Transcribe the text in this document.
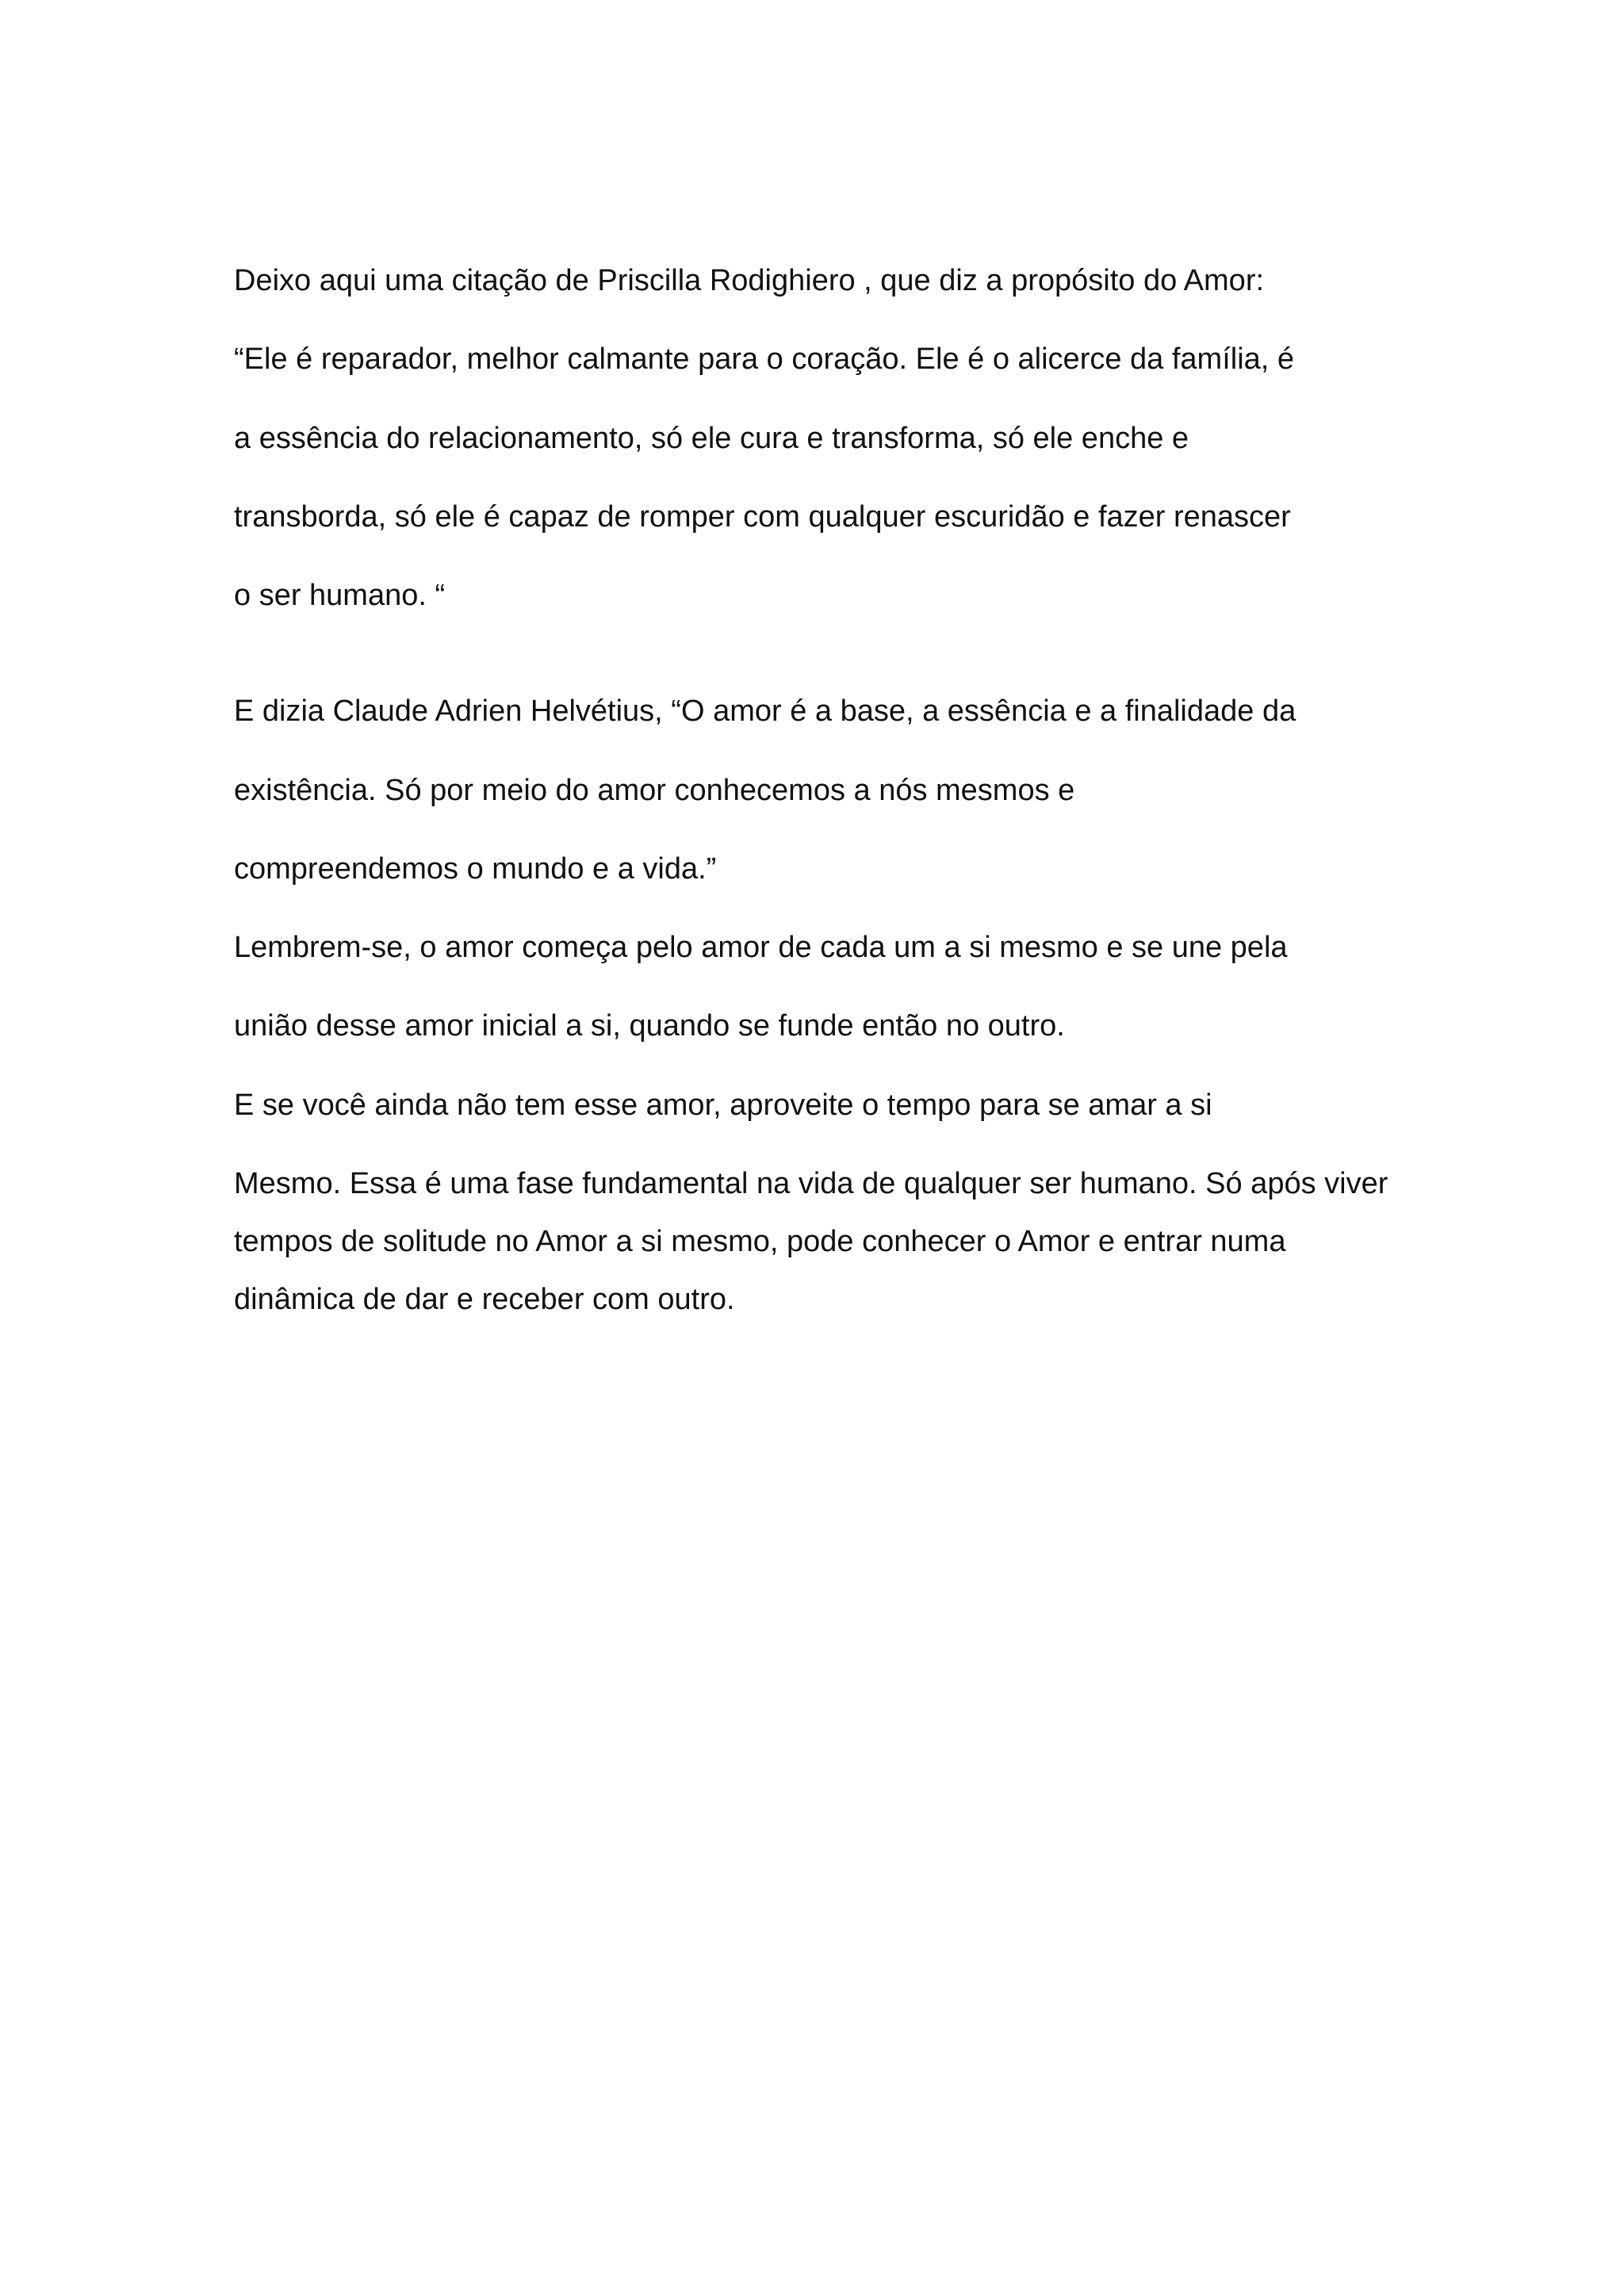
Deixo aqui uma citação de Priscilla Rodighiero , que diz a propósito do Amor:

“Ele é reparador, melhor calmante para o coração. Ele é o alicerce da família, é

a essência do relacionamento, só ele cura e transforma, só ele enche e

transborda, só ele é capaz de romper com qualquer escuridão e fazer renascer

o ser humano. “

E dizia Claude Adrien Helvétius, “O amor é a base, a essência e a finalidade da

existência. Só por meio do amor conhecemos a nós mesmos e

compreendemos o mundo e a vida.”

Lembrem-se, o amor começa pelo amor de cada um a si mesmo e se une pela

união desse amor inicial a si, quando se funde então no outro.

E se você ainda não tem esse amor, aproveite o tempo para se amar a si

Mesmo. Essa é uma fase fundamental na vida de qualquer ser humano. Só após viver

tempos de solitude no Amor a si mesmo, pode conhecer o Amor e entrar numa

dinâmica de dar e receber com outro.
